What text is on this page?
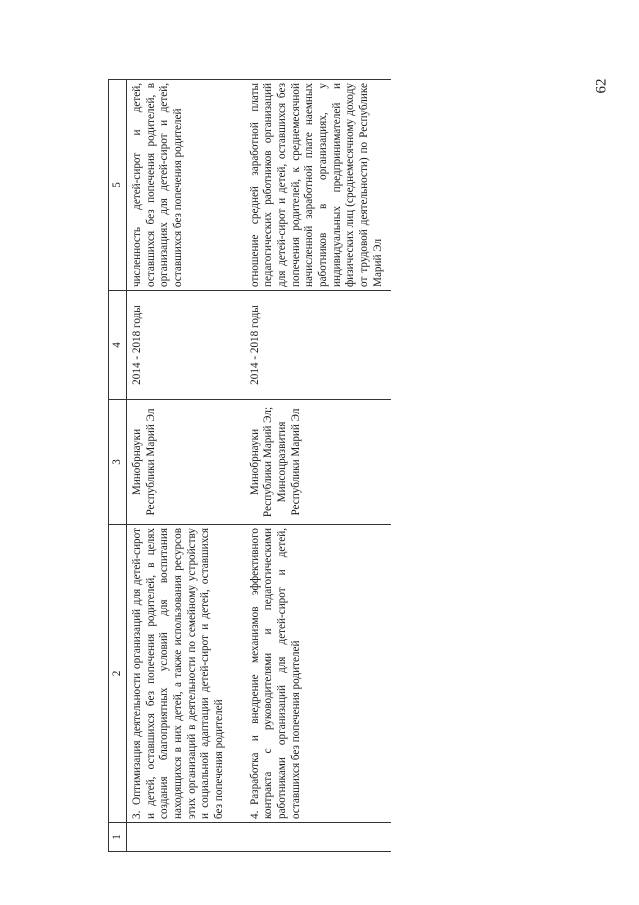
62
1	2	3	4	5
	3.Оптимизация деятельности организаций для детей-сирот и детей, оставшихся без попечения родителей, в целях создания благоприятных условий для воспитания находящихся в них детей, а также использования ресурсов этих организаций в деятельности по семейному устройству и социальной адаптации детей-сирот и детей, оставшихся без попечения родителей	Минобрнауки Республики Марий Эл	2014 - 2018 годы	численность детей-сирот и детей, оставшихся без попечения родителей, в организациях для детей-сирот и детей, оставшихся без попечения родителей
	4.Разработка и внедрение механизмов эффективного контракта с руководителями и педагогическими работниками организаций для детей-сирот и детей, оставшихся без попечения родителей	Минобрнауки Республики Марий Эл; Минсоцразвития Республики Марий Эл	2014 - 2018 годы	отношение средней заработной платы педагогических работников организаций для детей-сирот и детей, оставшихся без попечения родителей, к среднемесячной начисленной заработной плате наемных работников в организациях, у индивидуальных предпринимателей и физических лиц (среднемесячному доходу от трудовой деятельности) по Республике Марий Эл
